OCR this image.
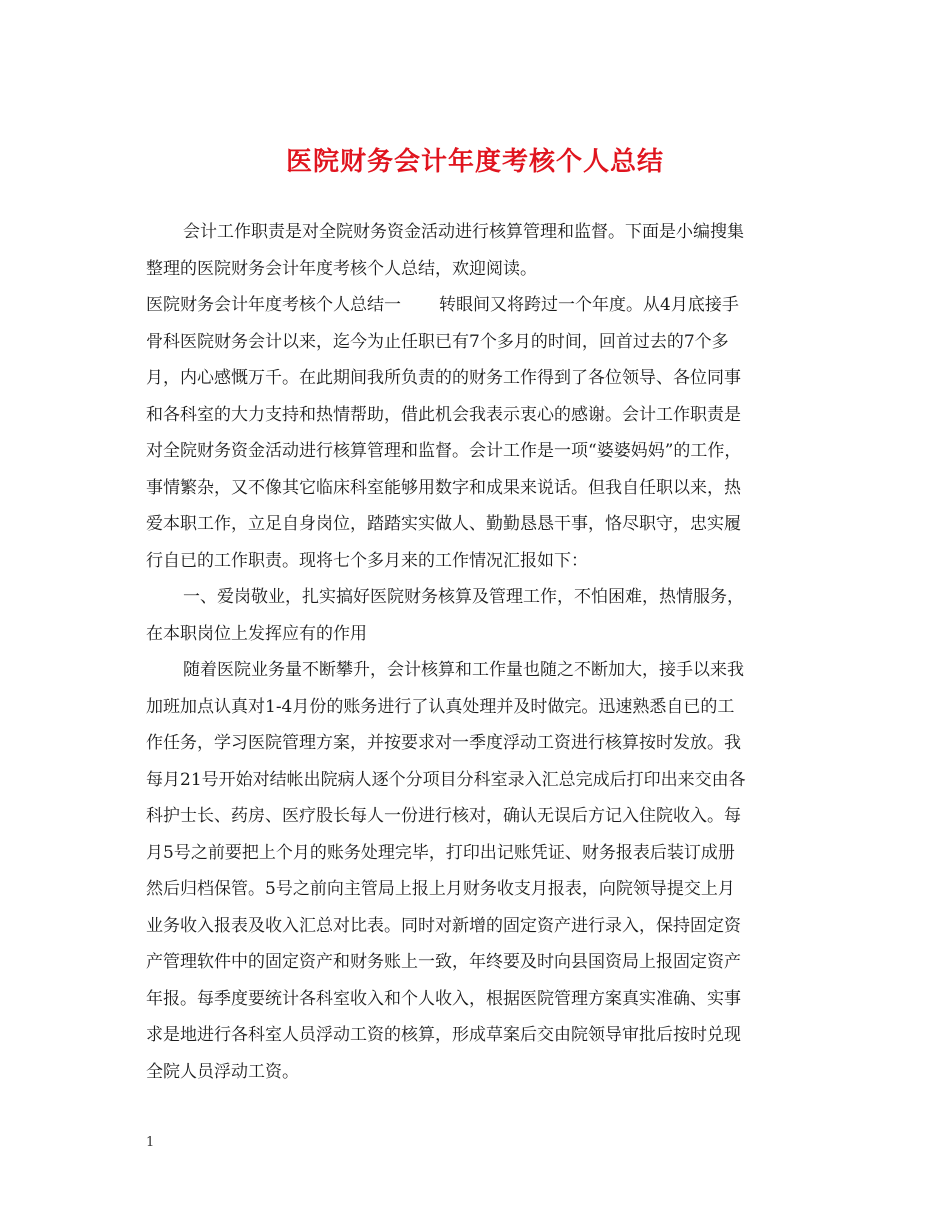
医院财务会计年度考核个人总结
会计工作职责是对全院财务资金活动进行核算管理和监督。下面是小编搜集
整理的医院财务会计年度考核个人总结，欢迎阅读。
医院财务会计年度考核个人总结一 转眼间又将跨过一个年度。从4月底接手
骨科医院财务会计以来，迄今为止任职已有7个多月的时间，回首过去的7个多
月，内心感慨万千。在此期间我所负责的的财务工作得到了各位领导、各位同事
和各科室的大力支持和热情帮助，借此机会我表示衷心的感谢。会计工作职责是
对全院财务资金活动进行核算管理和监督。会计工作是一项“婆婆妈妈”的工作，
事情繁杂，又不像其它临床科室能够用数字和成果来说话。但我自任职以来，热
爱本职工作，立足自身岗位，踏踏实实做人、勤勤恳恳干事，恪尽职守，忠实履
行自已的工作职责。现将七个多月来的工作情况汇报如下：
一、爱岗敬业，扎实搞好医院财务核算及管理工作，不怕困难，热情服务，
在本职岗位上发挥应有的作用
随着医院业务量不断攀升，会计核算和工作量也随之不断加大，接手以来我
加班加点认真对1-4月份的账务进行了认真处理并及时做完。迅速熟悉自已的工
作任务，学习医院管理方案，并按要求对一季度浮动工资进行核算按时发放。我
每月21号开始对结帐出院病人逐个分项目分科室录入汇总完成后打印出来交由各
科护士长、药房、医疗股长每人一份进行核对，确认无误后方记入住院收入。每
月5号之前要把上个月的账务处理完毕，打印出记账凭证、财务报表后装订成册
然后归档保管。5号之前向主管局上报上月财务收支月报表，向院领导提交上月
业务收入报表及收入汇总对比表。同时对新增的固定资产进行录入，保持固定资
产管理软件中的固定资产和财务账上一致，年终要及时向县国资局上报固定资产
年报。每季度要统计各科室收入和个人收入，根据医院管理方案真实准确、实事
求是地进行各科室人员浮动工资的核算，形成草案后交由院领导审批后按时兑现
全院人员浮动工资。

1
